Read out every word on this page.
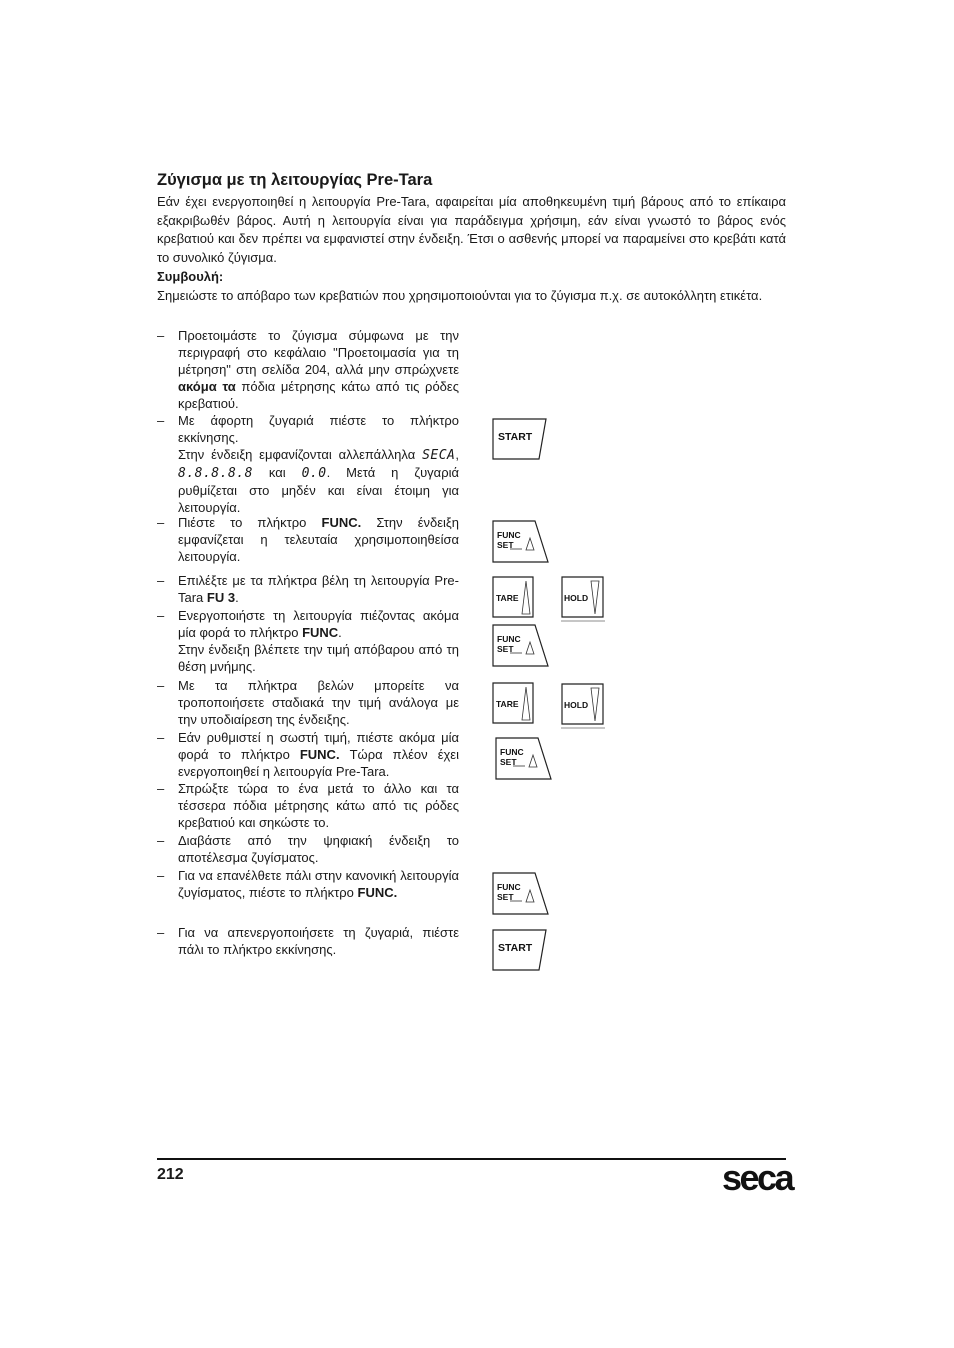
Ζύγισμα με τη λειτουργίας Pre-Tara

Εάν έχει ενεργοποιηθεί η λειτουργία Pre-Tara, αφαιρείται μία αποθηκευμένη τιμή βάρους από το επίκαιρα εξακριβωθέν βάρος. Αυτή η λειτουργία είναι για παράδειγμα χρήσιμη, εάν είναι γνωστό το βάρος ενός κρεβατιού και δεν πρέπει να εμφανιστεί στην ένδειξη. Έτσι ο ασθενής μπορεί να παραμείνει στο κρεβάτι κατά το συνολικό ζύγισμα.

Συμβουλή:

Σημειώστε το απόβαρο των κρεβατιών που χρησιμοποιούνται για το ζύγισμα π.χ. σε αυτοκόλλητη ετικέτα.

– Προετοιμάστε το ζύγισμα σύμφωνα με την περιγραφή στο κεφάλαιο "Προετοιμασία για τη μέτρηση" στη σελίδα 204, αλλά μην σπρώχνετε ακόμα τα πόδια μέτρησης κάτω από τις ρόδες κρεβατιού.

– Με άφορτη ζυγαριά πιέστε το πλήκτρο εκκίνησης.

Στην ένδειξη εμφανίζονται αλλεπάλληλα SECA, 8.8.8.8.8 και 0.0. Μετά η ζυγαριά ρυθμίζεται στο μηδέν και είναι έτοιμη για λειτουργία.

– Πιέστε το πλήκτρο FUNC. Στην ένδειξη εμφανίζεται η τελευταία χρησιμοποιηθείσα λειτουργία.

– Επιλέξτε με τα πλήκτρα βέλη τη λειτουργία Pre-Tara FU 3.

– Ενεργοποιήστε τη λειτουργία πιέζοντας ακόμα μία φορά το πλήκτρο FUNC.

Στην ένδειξη βλέπετε την τιμή απόβαρου από τη θέση μνήμης.

– Με τα πλήκτρα βελών μπορείτε να τροποποιήσετε σταδιακά την τιμή ανάλογα με την υποδιαίρεση της ένδειξης.

– Εάν ρυθμιστεί η σωστή τιμή, πιέστε ακόμα μία φορά το πλήκτρο FUNC. Τώρα πλέον έχει ενεργοποιηθεί η λειτουργία Pre-Tara.

– Σπρώξτε τώρα το ένα μετά το άλλο και τα τέσσερα πόδια μέτρησης κάτω από τις ρόδες κρεβατιού και σηκώστε το.

– Διαβάστε από την ψηφιακή ένδειξη το αποτέλεσμα ζυγίσματος.

– Για να επανέλθετε πάλι στην κανονική λειτουργία ζυγίσματος, πιέστε το πλήκτρο FUNC.

– Για να απενεργοποιήσετε τη ζυγαριά, πιέστε πάλι το πλήκτρο εκκίνησης.

START
FUNC
SET
TARE	HOLD
FUNC
SET
TARE	HOLD
FUNC
SET
FUNC
SET
START
212	seca
